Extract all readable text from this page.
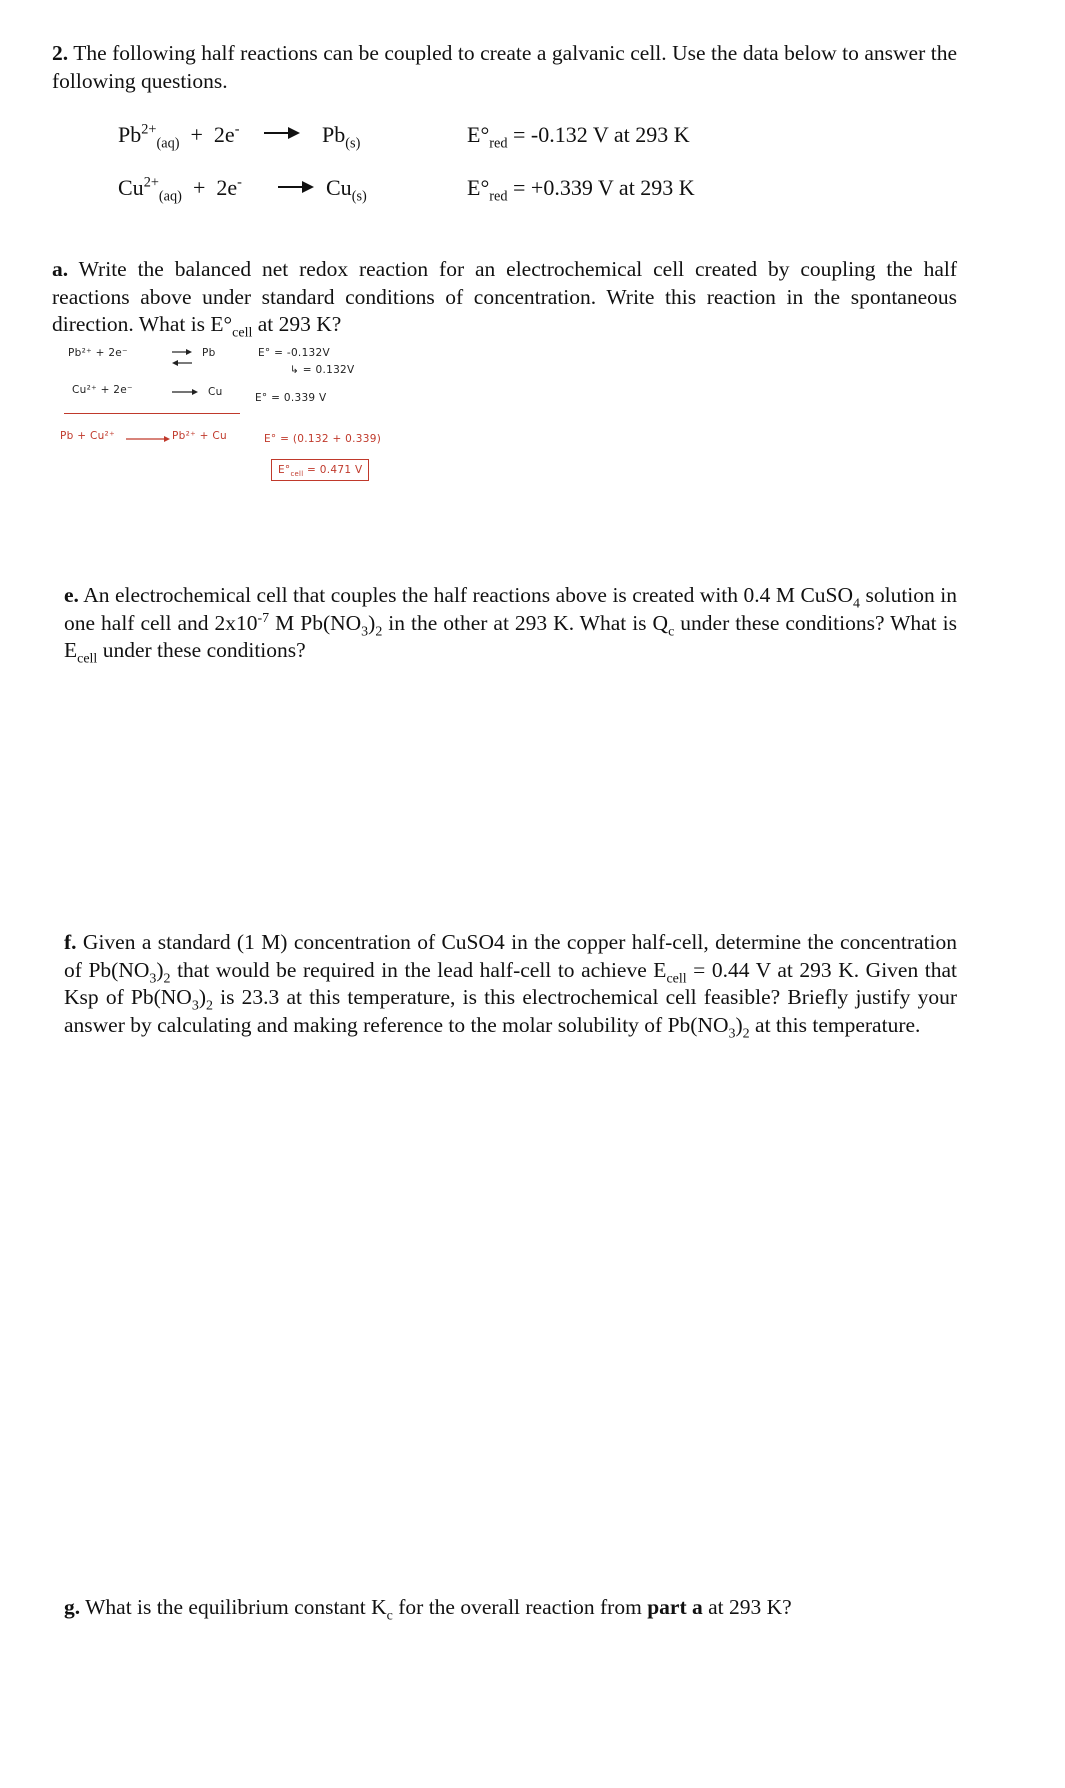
2. The following half reactions can be coupled to create a galvanic cell. Use the data below to answer the following questions.
$Pb^{2+}_{(aq)} + 2e^- \to Pb_{(s)}$	$E^\circ_{red} = -0.132$ V at 293 K
$Cu^{2+}_{(aq)} + 2e^- \to Cu_{(s)}$	$E^\circ_{red} = +0.339$ V at 293 K
a. Write the balanced net redox reaction for an electrochemical cell created by coupling the half reactions above under standard conditions of concentration. Write this reaction in the spontaneous direction. What is $E^\circ_{cell}$ at 293 K?
Pb²⁺ + 2e⁻	Pb	E° = -0.132V
↳ = 0.132V
Cu²⁺ + 2e⁻	Cu	E° = 0.339 V
Pb + Cu²⁺	Pb²⁺ + Cu	E° = (0.132 + 0.339)
$E^\circ_{cell} = 0.471$ V
e. An electrochemical cell that couples the half reactions above is created with 0.4 M CuSO$_4$ solution in one half cell and $2x10^{-7}$ M $Pb(NO_3)_2$ in the other at 293 K. What is $Q_c$ under these conditions? What is $E_{cell}$ under these conditions?
f. Given a standard (1 M) concentration of CuSO4 in the copper half-cell, determine the concentration of $Pb(NO_3)_2$ that would be required in the lead half-cell to achieve $E_{cell} = 0.44$ V at 293 K. Given that Ksp of $Pb(NO_3)_2$ is 23.3 at this temperature, is this electrochemical cell feasible? Briefly justify your answer by calculating and making reference to the molar solubility of $Pb(NO_3)_2$ at this temperature.
g. What is the equilibrium constant $K_c$ for the overall reaction from part a at 293 K?
